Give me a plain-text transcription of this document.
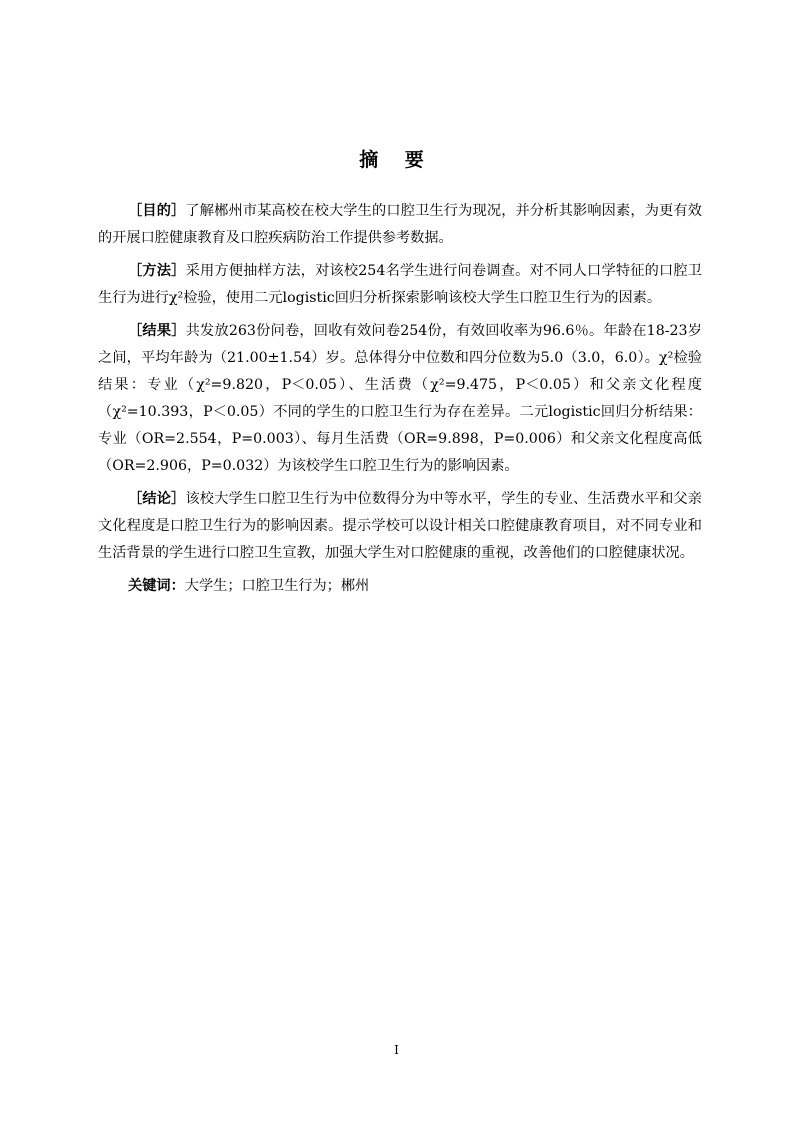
摘 要

［目的］了解郴州市某高校在校大学生的口腔卫生行为现况，并分析其影响因素，为更有效的开展口腔健康教育及口腔疾病防治工作提供参考数据。

［方法］采用方便抽样方法，对该校254名学生进行问卷调查。对不同人口学特征的口腔卫生行为进行χ²检验，使用二元logistic回归分析探索影响该校大学生口腔卫生行为的因素。

［结果］共发放263份问卷，回收有效问卷254份，有效回收率为96.6％。年龄在18-23岁之间，平均年龄为（21.00±1.54）岁。总体得分中位数和四分位数为5.0（3.0，6.0）。χ²检验结果：专业（χ²=9.820，P＜0.05）、生活费（χ²=9.475，P＜0.05）和父亲文化程度（χ²=10.393，P＜0.05）不同的学生的口腔卫生行为存在差异。二元logistic回归分析结果：专业（OR=2.554，P=0.003）、每月生活费（OR=9.898，P=0.006）和父亲文化程度高低（OR=2.906，P=0.032）为该校学生口腔卫生行为的影响因素。

［结论］该校大学生口腔卫生行为中位数得分为中等水平，学生的专业、生活费水平和父亲文化程度是口腔卫生行为的影响因素。提示学校可以设计相关口腔健康教育项目，对不同专业和生活背景的学生进行口腔卫生宣教，加强大学生对口腔健康的重视，改善他们的口腔健康状况。

关键词：大学生；口腔卫生行为；郴州

I
